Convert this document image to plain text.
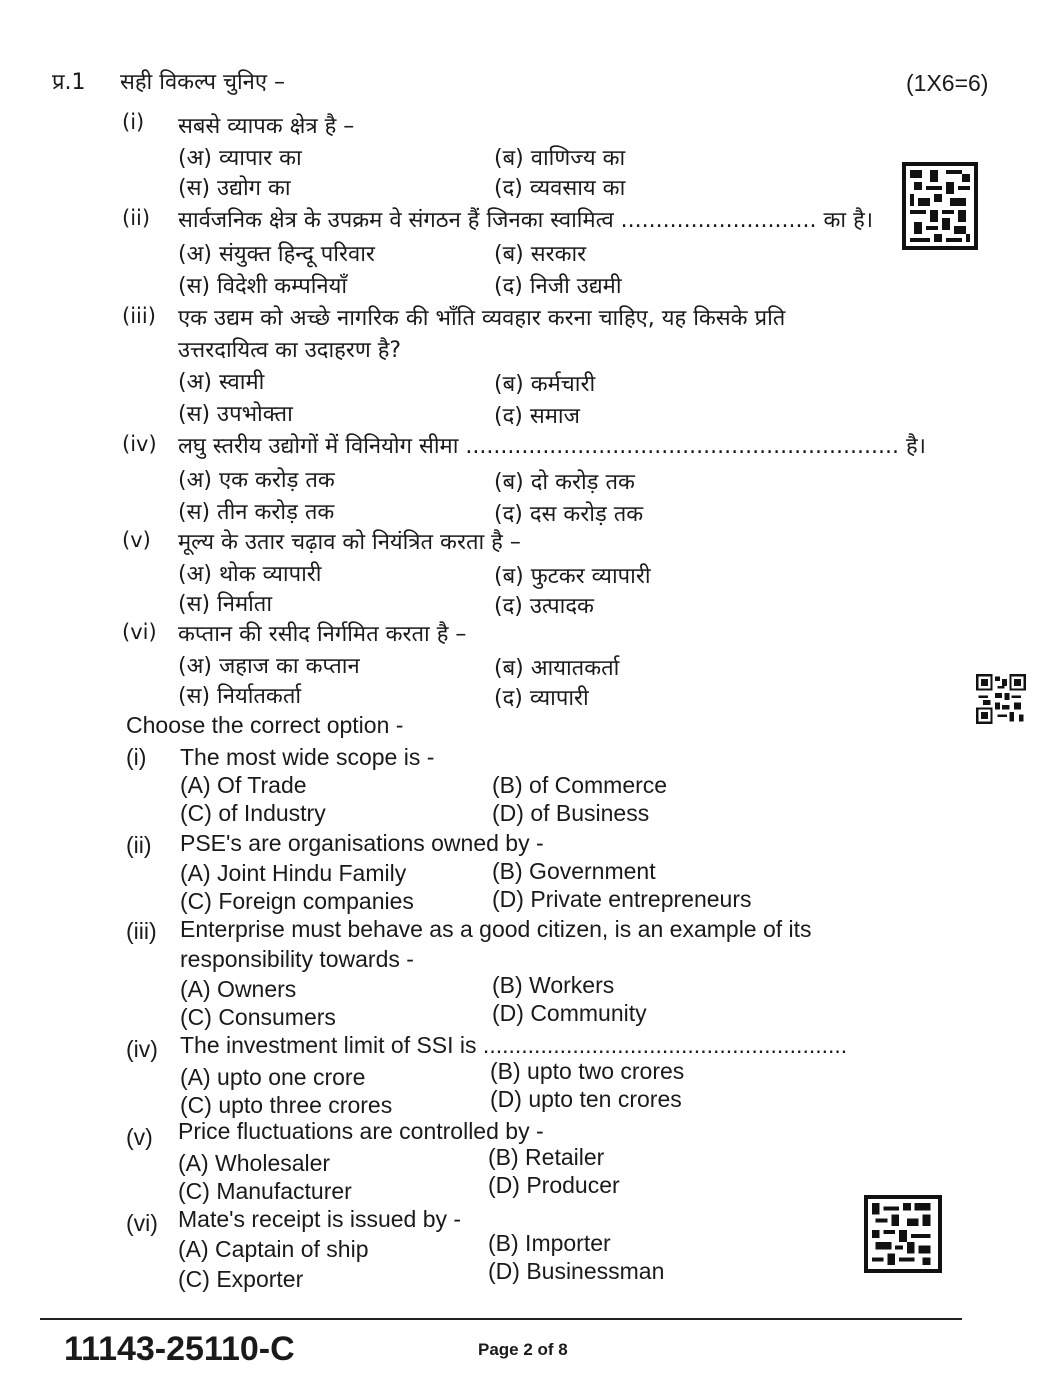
प्र.1 सही विकल्प चुनिए –	(1X6=6)
(i) सबसे व्यापक क्षेत्र है –
(अ) व्यापार का	(ब) वाणिज्य का
(स) उद्योग का	(द) व्यवसाय का
(ii) सार्वजनिक क्षेत्र के उपक्रम वे संगठन हैं जिनका स्वामित्व ............................ का है।
(अ) संयुक्त हिन्दू परिवार	(ब) सरकार
(स) विदेशी कम्पनियाँ	(द) निजी उद्यमी
(iii) एक उद्यम को अच्छे नागरिक की भाँति व्यवहार करना चाहिए, यह किसके प्रति
उत्तरदायित्व का उदाहरण है?
(अ) स्वामी	(ब) कर्मचारी
(स) उपभोक्ता	(द) समाज
(iv) लघु स्तरीय उद्योगों में विनियोग सीमा .............................................................. है।
(अ) एक करोड़ तक	(ब) दो करोड़ तक
(स) तीन करोड़ तक	(द) दस करोड़ तक
(v) मूल्य के उतार चढ़ाव को नियंत्रित करता है –
(अ) थोक व्यापारी	(ब) फुटकर व्यापारी
(स) निर्माता	(द) उत्पादक
(vi) कप्तान की रसीद निर्गमित करता है –
(अ) जहाज का कप्तान	(ब) आयातकर्ता
(स) निर्यातकर्ता	(द) व्यापारी
Choose the correct option -
(i) The most wide scope is -
(A) Of Trade	(B) of Commerce
(C) of Industry	(D) of Business
(ii) PSE's are organisations owned by -
(A) Joint Hindu Family	(B) Government
(C) Foreign companies	(D) Private entrepreneurs
(iii) Enterprise must behave as a good citizen, is an example of its
responsibility towards -
(A) Owners	(B) Workers
(C) Consumers	(D) Community
(iv) The investment limit of SSI is .........................................................
(A) upto one crore	(B) upto two crores
(C) upto three crores	(D) upto ten crores
(v) Price fluctuations are controlled by -
(A) Wholesaler	(B) Retailer
(C) Manufacturer	(D) Producer
(vi) Mate's receipt is issued by -
(A) Captain of ship	(B) Importer
(C) Exporter	(D) Businessman
11143-25110-C	Page 2 of 8
